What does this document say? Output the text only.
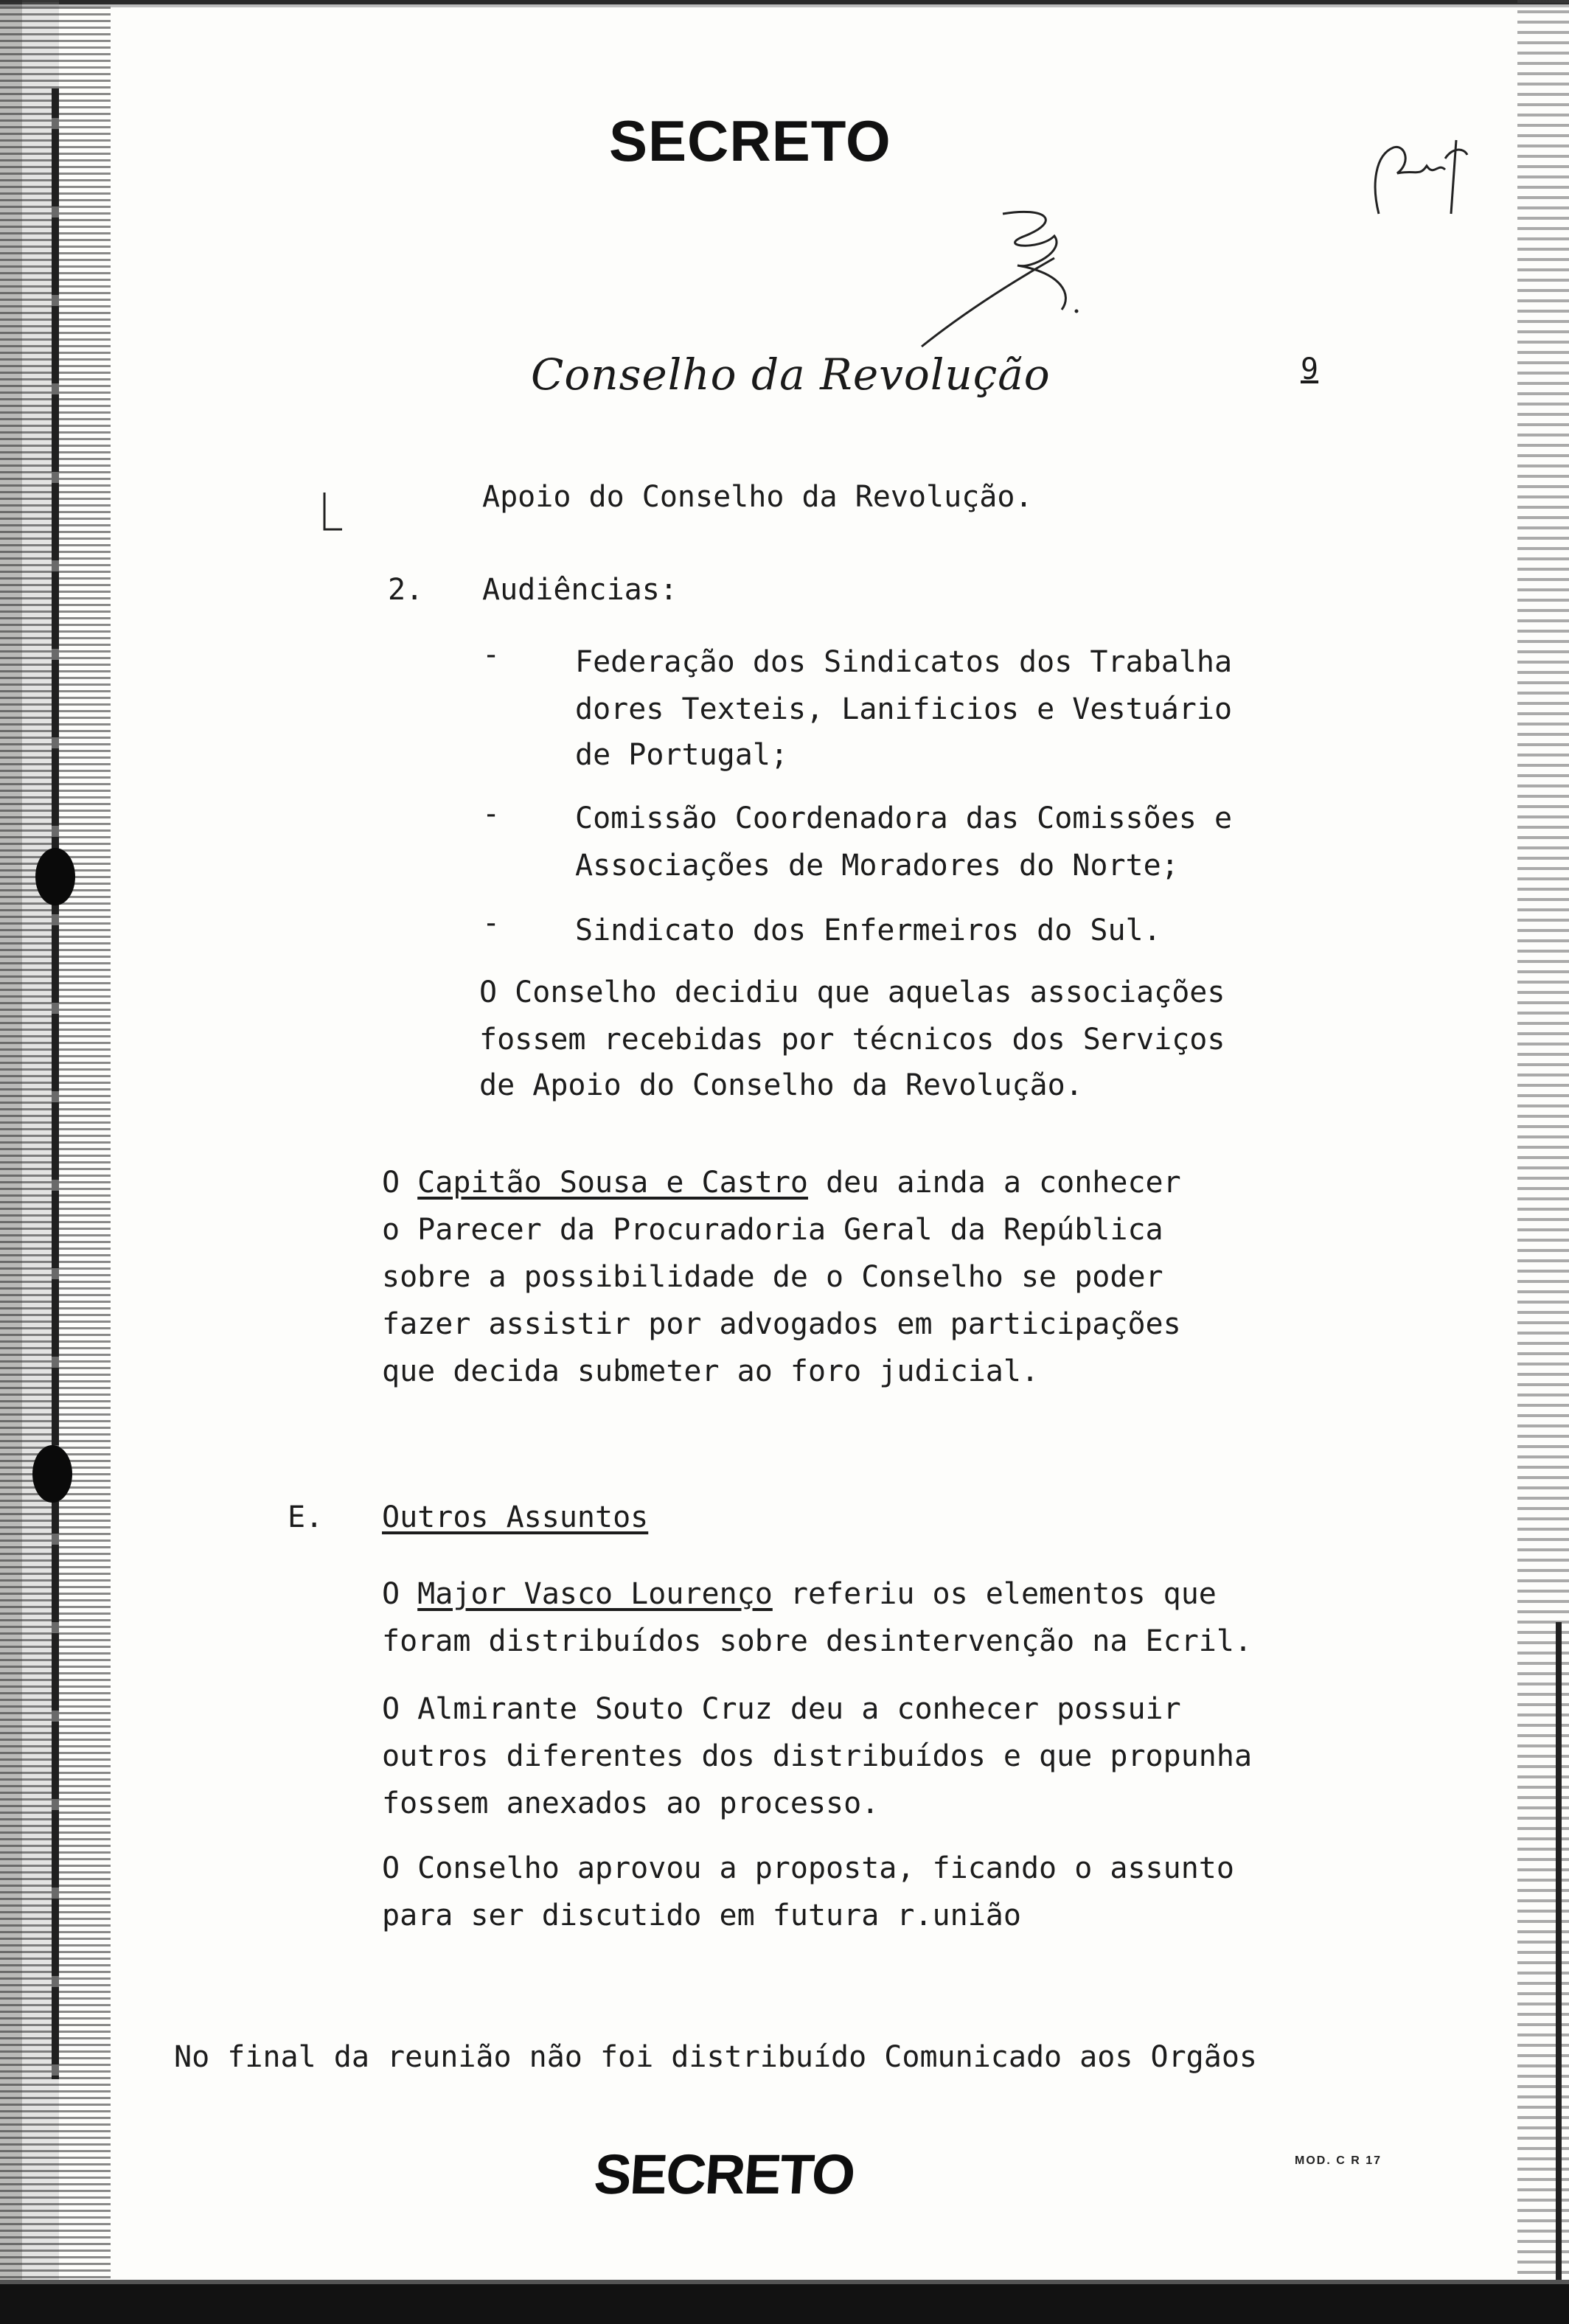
SECRETO
Conselho da Revolução	9
Apoio do Conselho da Revolução.
2. Audiências:
-	Federação dos Sindicatos dos Trabalha
dores Texteis, Lanificios e Vestuário
de Portugal;
-	Comissão Coordenadora das Comissões e
Associações de Moradores do Norte;
-	Sindicato dos Enfermeiros do Sul.
O Conselho decidiu que aquelas associações
fossem recebidas por técnicos dos Serviços
de Apoio do Conselho da Revolução.
O Capitão Sousa e Castro deu ainda a conhecer
o Parecer da Procuradoria Geral da República
sobre a possibilidade de o Conselho se poder
fazer assistir por advogados em participações
que decida submeter ao foro judicial.
E. Outros Assuntos
O Major Vasco Lourenço referiu os elementos que
foram distribuídos sobre desintervenção na Ecril.
O Almirante Souto Cruz deu a conhecer possuir
outros diferentes dos distribuídos e que propunha
fossem anexados ao processo.
O Conselho aprovou a proposta, ficando o assunto
para ser discutido em futura r.união
No final da reunião não foi distribuído Comunicado aos Orgãos
SECRETO	MOD. C R 17
